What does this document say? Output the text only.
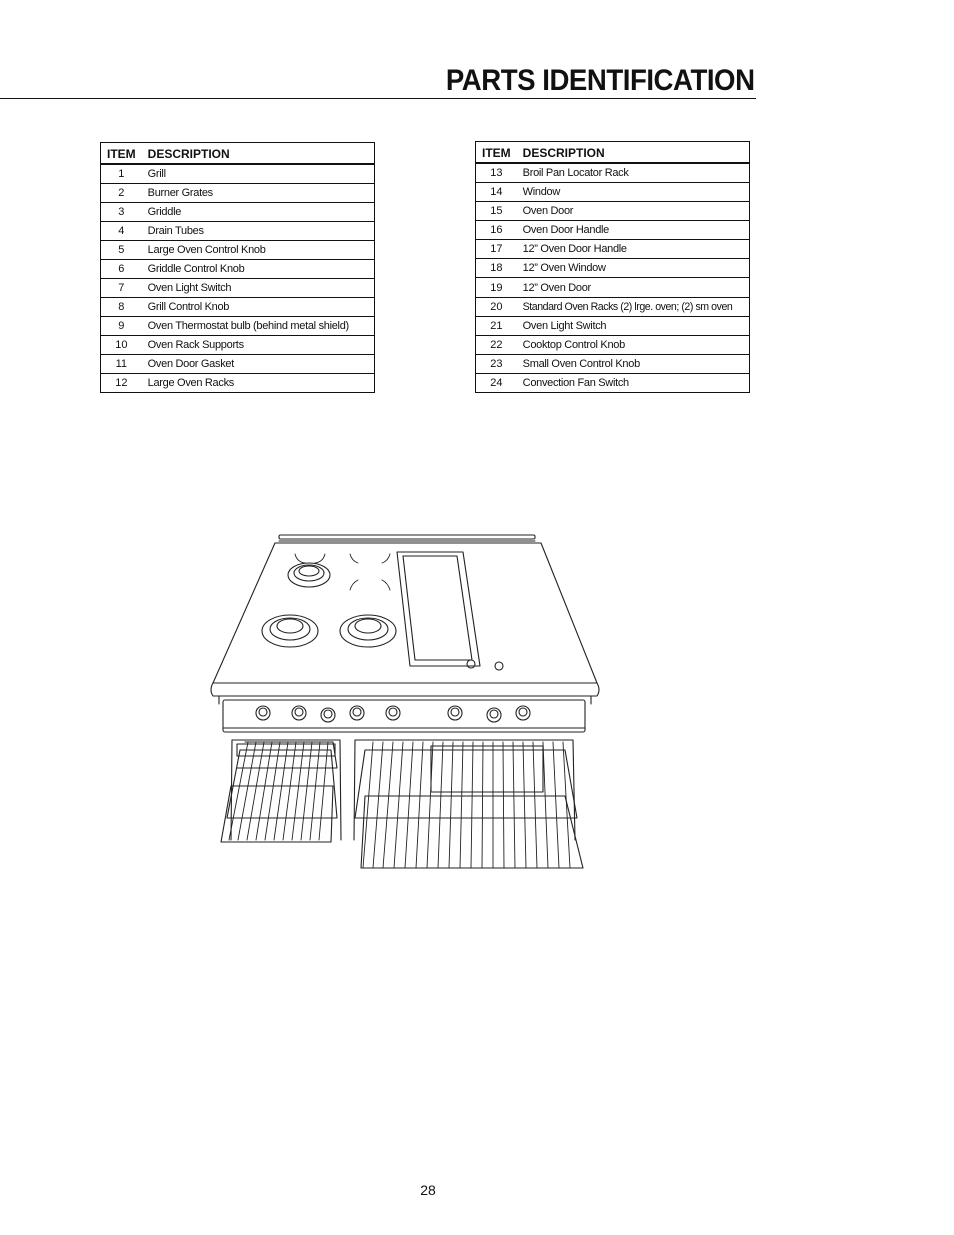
PARTS IDENTIFICATION
ITEM	DESCRIPTION
1	Grill
2	Burner Grates
3	Griddle
4	Drain Tubes
5	Large Oven Control Knob
6	Griddle Control Knob
7	Oven Light Switch
8	Grill Control Knob
9	Oven Thermostat bulb (behind metal shield)
10	Oven Rack Supports
11	Oven Door Gasket
12	Large Oven Racks
ITEM	DESCRIPTION
13	Broil Pan Locator Rack
14	Window
15	Oven Door
16	Oven Door Handle
17	12” Oven Door Handle
18	12” Oven Window
19	12” Oven Door
20	Standard Oven Racks (2) lrge. oven; (2) sm oven
21	Oven Light Switch
22	Cooktop Control Knob
23	Small Oven Control Knob
24	Convection Fan Switch
28
